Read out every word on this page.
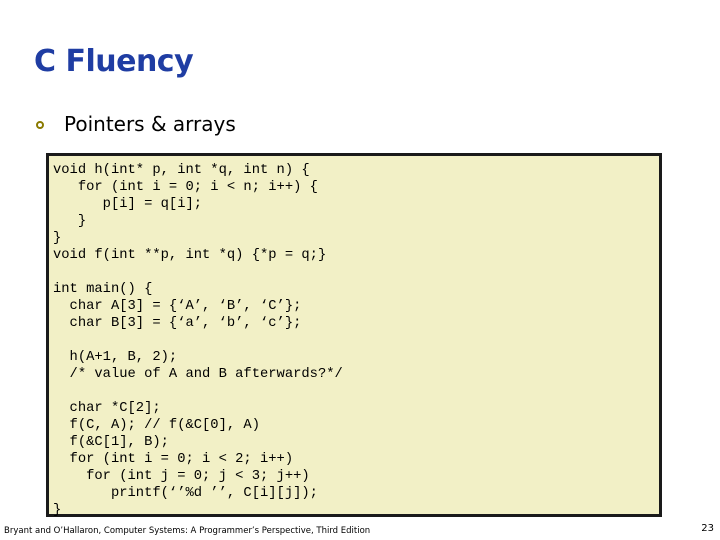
C Fluency
Pointers & arrays
void h(int* p, int *q, int n) {
for (int i = 0; i < n; i++) {
p[i] = q[i];
}
}
void f(int **p, int *q) {*p = q;}

int main() {
char A[3] = {‘A’, ‘B’, ‘C’};
char B[3] = {‘a’, ‘b’, ‘c’};

h(A+1, B, 2);
/* value of A and B afterwards?*/

char *C[2];
f(C, A); // f(&C[0], A)
f(&C[1], B);
for (int i = 0; i < 2; i++)
for (int j = 0; j < 3; j++)
printf(‘’%d ’’, C[i][j]);
}
Bryant and O’Hallaron, Computer Systems: A Programmer’s Perspective, Third Edition	23
